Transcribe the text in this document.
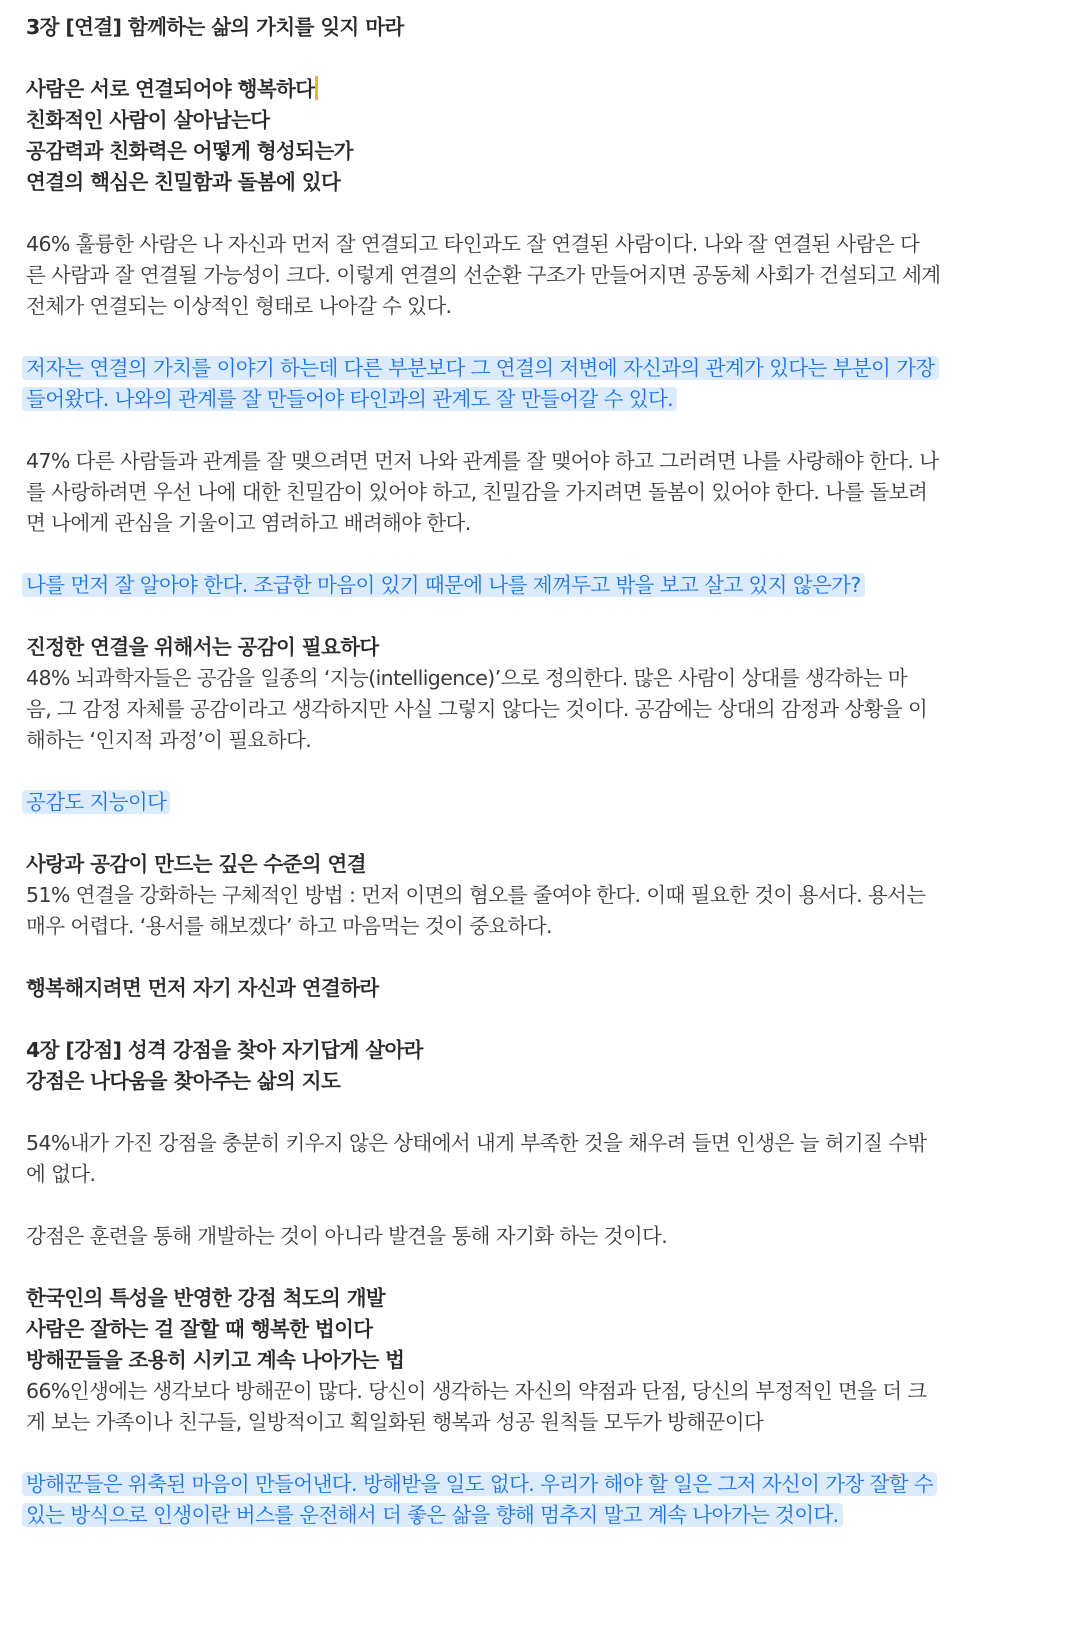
3장 [연결] 함께하는 삶의 가치를 잊지 마라
사람은 서로 연결되어야 행복하다
친화적인 사람이 살아남는다
공감력과 친화력은 어떻게 형성되는가
연결의 핵심은 친밀함과 돌봄에 있다
46% 훌륭한 사람은 나 자신과 먼저 잘 연결되고 타인과도 잘 연결된 사람이다. 나와 잘 연결된 사람은 다
른 사람과 잘 연결될 가능성이 크다. 이렇게 연결의 선순환 구조가 만들어지면 공동체 사회가 건설되고 세계
전체가 연결되는 이상적인 형태로 나아갈 수 있다.
저자는 연결의 가치를 이야기 하는데 다른 부분보다 그 연결의 저변에 자신과의 관계가 있다는 부분이 가장
들어왔다. 나와의 관계를 잘 만들어야 타인과의 관계도 잘 만들어갈 수 있다.
47% 다른 사람들과 관계를 잘 맺으려면 먼저 나와 관계를 잘 맺어야 하고 그러려면 나를 사랑해야 한다. 나
를 사랑하려면 우선 나에 대한 친밀감이 있어야 하고, 친밀감을 가지려면 돌봄이 있어야 한다. 나를 돌보려
면 나에게 관심을 기울이고 염려하고 배려해야 한다.
나를 먼저 잘 알아야 한다. 조급한 마음이 있기 때문에 나를 제껴두고 밖을 보고 살고 있지 않은가?
진정한 연결을 위해서는 공감이 필요하다
48% 뇌과학자들은 공감을 일종의 ‘지능(intelligence)’으로 정의한다. 많은 사람이 상대를 생각하는 마
음, 그 감정 자체를 공감이라고 생각하지만 사실 그렇지 않다는 것이다. 공감에는 상대의 감정과 상황을 이
해하는 ‘인지적 과정’이 필요하다.
공감도 지능이다
사랑과 공감이 만드는 깊은 수준의 연결
51% 연결을 강화하는 구체적인 방법 : 먼저 이면의 혐오를 줄여야 한다. 이때 필요한 것이 용서다. 용서는
매우 어렵다. ‘용서를 해보겠다’ 하고 마음먹는 것이 중요하다.
행복해지려면 먼저 자기 자신과 연결하라
4장 [강점] 성격 강점을 찾아 자기답게 살아라
강점은 나다움을 찾아주는 삶의 지도
54%내가 가진 강점을 충분히 키우지 않은 상태에서 내게 부족한 것을 채우려 들면 인생은 늘 허기질 수밖
에 없다.
강점은 훈련을 통해 개발하는 것이 아니라 발견을 통해 자기화 하는 것이다.
한국인의 특성을 반영한 강점 척도의 개발
사람은 잘하는 걸 잘할 때 행복한 법이다
방해꾼들을 조용히 시키고 계속 나아가는 법
66%인생에는 생각보다 방해꾼이 많다. 당신이 생각하는 자신의 약점과 단점, 당신의 부정적인 면을 더 크
게 보는 가족이나 친구들, 일방적이고 획일화된 행복과 성공 원칙들 모두가 방해꾼이다
방해꾼들은 위축된 마음이 만들어낸다. 방해받을 일도 없다. 우리가 해야 할 일은 그저 자신이 가장 잘할 수
있는 방식으로 인생이란 버스를 운전해서 더 좋은 삶을 향해 멈추지 말고 계속 나아가는 것이다.
